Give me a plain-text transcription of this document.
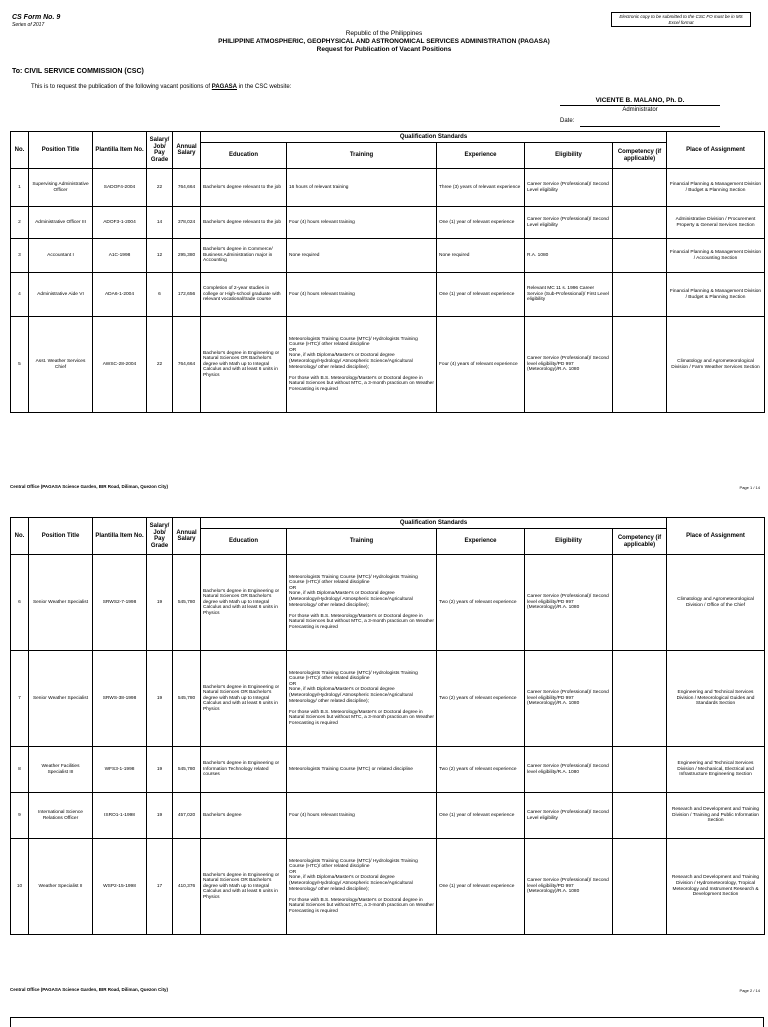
CS Form No. 9
Series of 2017
Electronic copy to be submitted to the CSC FO must be in MS Excel format
Republic of the Philippines
PHILIPPINE ATMOSPHERIC, GEOPHYSICAL AND ASTRONOMICAL SERVICES ADMINISTRATION (PAGASA)
Request for Publication of Vacant Positions
To: CIVIL SERVICE COMMISSION (CSC)
This is to request the publication of the following vacant positions of PAGASA in the CSC website:
VICENTE B. MALANO, Ph. D.
Administrator
Date:
No.	Position Title	Plantilla Item No.	Salary/ Job/ Pay Grade	Annual Salary	Qualification Standards					Place of Assignment
					Education	Training	Experience	Eligibility	Competency (if applicable)	
1	Supervising Administrative Officer	SADOF4-2004	22	764,664	Bachelor's degree relevant to the job	16 hours of relevant training	Three (3) years of relevant experience	Career Service (Professional)/ Second Level eligibility		Financial Planning & Management Division / Budget & Planning Section
2	Administrative Officer III	ADOF3-1-2004	14	378,024	Bachelor's degree relevant to the job	Four (4) hours relevant training	One (1) year of relevant experience	Career Service (Professional)/ Second Level eligibility		Administrative Division / Procurement Property & General Services Section
3	Accountant I	A1C-1998	12	295,380	Bachelor's degree in Commerce/ Business Administration major in Accounting	None required	None required	R.A. 1080		Financial Planning & Management Division / Accounting Section
4	Administrative Aide VI	ADA6-1-2004	6	172,656	Completion of 2-year studies in college or High-school graduate with relevant vocational/trade course	Four (4) hours relevant training	One (1) year of relevant experience	Relevant MC 11 s. 1996 Career Service (Sub-Professional)/ First Level eligibility		Financial Planning & Management Division / Budget & Planning Section
5	Asst. Weather Services Chief	AWSC-28-2004	22	764,664	Bachelor's degree in Engineering or Natural Sciences OR Bachelor's degree with Math up to Integral Calculus and with at least 6 units in Physics	Meteorologists Training Course (MTC)/ Hydrologists Training Course (HTC)/ other related discipline
OR
None, if with Diploma/Master's or Doctoral degree (Meteorology/Hydrology/ Atmospheric Science/Agricultural Meteorology/ other related discipline);

For those with B.S. Meteorology/Master's or Doctoral degree in Natural Sciences but without MTC, a 3-month practicum on Weather Forecasting is required	Four (4) years of relevant experience	Career Service (Professional)/ Second level eligibility/PD 997 (Meteorology)/R.A. 1080		Climatology and Agrometeorological Division / Farm Weather Services Section
Central Office (PAGASA Science Garden, BIR Road, Diliman, Quezon City)	Page 1 / 14
No.	Position Title	Plantilla Item No.	Salary/ Job/ Pay Grade	Annual Salary	Qualification Standards					Place of Assignment
					Education	Training	Experience	Eligibility	Competency (if applicable)	
6	Senior Weather Specialist	SRWS2-7-1998	19	545,780	Bachelor's degree in Engineering or Natural Sciences OR Bachelor's degree with Math up to Integral Calculus and with at least 6 units in Physics	Meteorologists Training Course (MTC)/ Hydrologists Training Course (HTC)/ other related discipline
OR
None, if with Diploma/Master's or Doctoral degree (Meteorology/Hydrology/ Atmospheric Science/Agricultural Meteorology/ other related discipline);

For those with B.S. Meteorology/Master's or Doctoral degree in Natural Sciences but without MTC, a 3-month practicum on Weather Forecasting is required	Two (2) years of relevant experience	Career Service (Professional)/ Second level eligibility/PD 997 (Meteorology)/R.A. 1080		Climatology and Agrometeorological Division / Office of the Chief
7	Senior Weather Specialist	SRWS-38-1998	19	545,780	Bachelor's degree in Engineering or Natural Sciences OR Bachelor's degree with Math up to Integral Calculus and with at least 6 units in Physics	Meteorologists Training Course (MTC)/ Hydrologists Training Course (HTC)/ other related discipline
OR
None, if with Diploma/Master's or Doctoral degree (Meteorology/Hydrology/ Atmospheric Science/Agricultural Meteorology/ other related discipline);

For those with B.S. Meteorology/Master's or Doctoral degree in Natural Sciences but without MTC, a 3-month practicum on Weather Forecasting is required	Two (2) years of relevant experience	Career Service (Professional)/ Second level eligibility/PD 997 (Meteorology)/R.A. 1080		Engineering and Technical Services Division / Meteorological Guides and Standards Section
8	Weather Facilities Specialist III	WFS3-1-1998	19	545,780	Bachelor's degree in Engineering or Information Technology related courses	Meteorologists Training Course (MTC) or related discipline	Two (2) years of relevant experience	Career Service (Professional)/ Second level eligibility/R.A. 1080		Engineering and Technical Services Division / Mechanical, Electrical and Infrastructure Engineering Section
9	International Science Relations Officer	ISRO1-1-1998	19	457,020	Bachelor's degree	Four (4) hours relevant training	One (1) year of relevant experience	Career Service (Professional)/ Second Level eligibility		Research and Development and Training Division / Training and Public Information Section
10	Weather Specialist II	WSP2-15-1998	17	410,376	Bachelor's degree in Engineering or Natural Sciences OR Bachelor's degree with Math up to Integral Calculus and with at least 6 units in Physics	Meteorologists Training Course (MTC)/ Hydrologists Training Course (HTC)/ other related discipline
OR
None, if with Diploma/Master's or Doctoral degree (Meteorology/Hydrology/ Atmospheric Science/Agricultural Meteorology/ other related discipline);

For those with B.S. Meteorology/Master's or Doctoral degree in Natural Sciences but without MTC, a 3-month practicum on Weather Forecasting is required	One (1) year of relevant experience	Career Service (Professional)/ Second level eligibility/PD 997 (Meteorology)/R.A. 1080		Research and Development and Training Division / Hydrometeorology, Tropical Meteorology and Instrument Research & Development Section
Central Office (PAGASA Science Garden, BIR Road, Diliman, Quezon City)	Page 2 / 14
